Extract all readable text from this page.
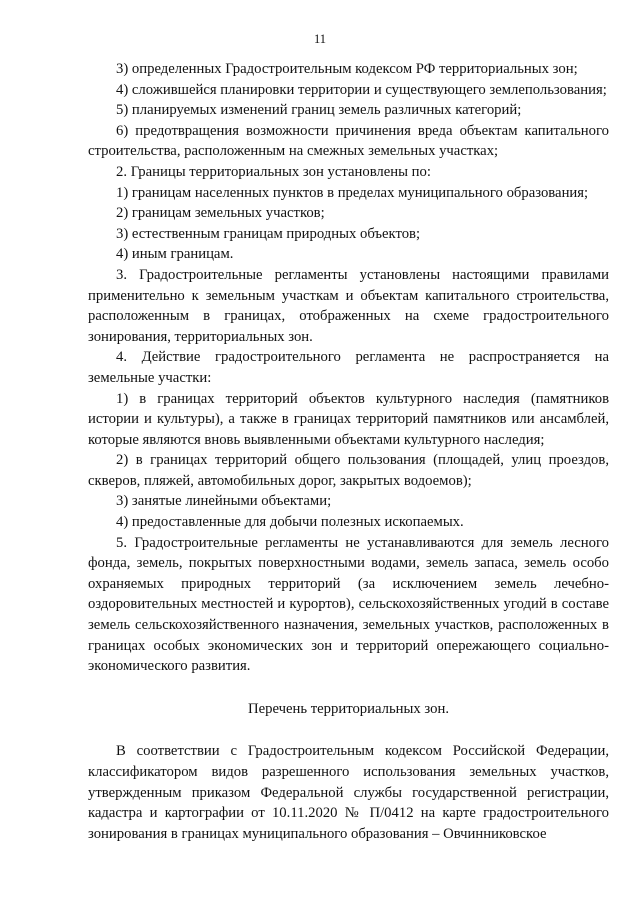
11

3) определенных Градостроительным кодексом РФ территориальных зон;

4) сложившейся планировки территории и существующего землепользования;

5) планируемых изменений границ земель различных категорий;

6) предотвращения возможности причинения вреда объектам капитального строительства, расположенным на смежных земельных участках;

2. Границы территориальных зон установлены по:

1) границам населенных пунктов в пределах муниципального образования;

2) границам земельных участков;

3) естественным границам природных объектов;

4) иным границам.

3. Градостроительные регламенты установлены настоящими правилами применительно к земельным участкам и объектам капитального строительства, расположенным в границах, отображенных на схеме градостроительного зонирования, территориальных зон.

4. Действие градостроительного регламента не распространяется на земельные участки:

1) в границах территорий объектов культурного наследия (памятников истории и культуры), а также в границах территорий памятников или ансамблей, которые являются вновь выявленными объектами культурного наследия;

2) в границах территорий общего пользования (площадей, улиц проездов, скверов, пляжей, автомобильных дорог, закрытых водоемов);

3) занятые линейными объектами;

4) предоставленные для добычи полезных ископаемых.

5. Градостроительные регламенты не устанавливаются для земель лесного фонда, земель, покрытых поверхностными водами, земель запаса, земель особо охраняемых природных территорий (за исключением земель лечебно-оздоровительных местностей и курортов), сельскохозяйственных угодий в составе земель сельскохозяйственного назначения, земельных участков, расположенных в границах особых экономических зон и территорий опережающего социально-экономического развития.

Перечень территориальных зон.

В соответствии с Градостроительным кодексом Российской Федерации, классификатором видов разрешенного использования земельных участков, утвержденным приказом Федеральной службы государственной регистрации, кадастра и картографии от 10.11.2020 № П/0412 на карте градостроительного зонирования в границах муниципального образования – Овчинниковское
